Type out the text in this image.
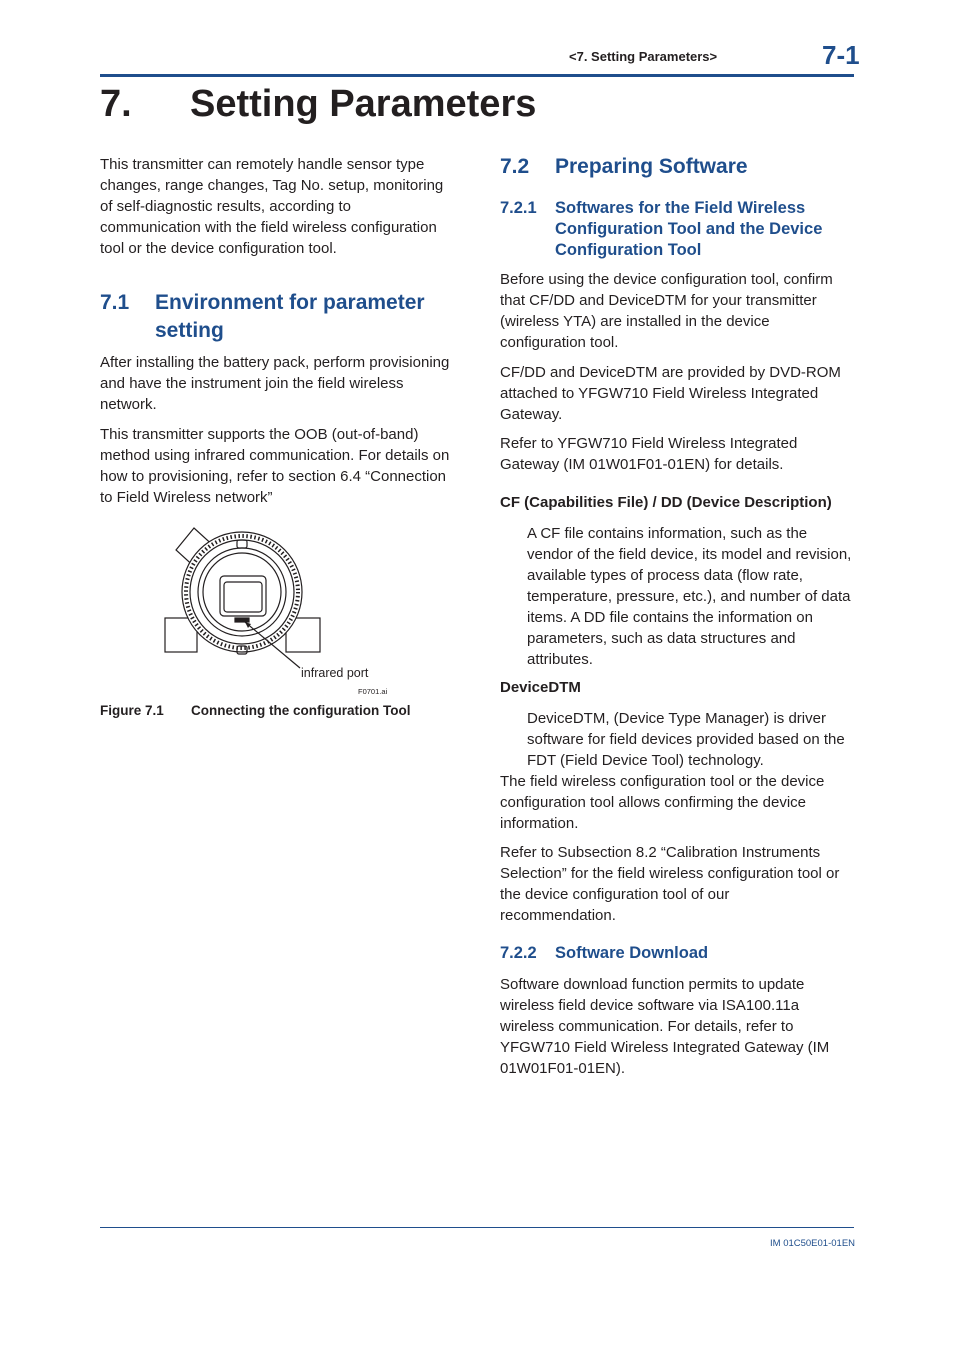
<7. Setting Parameters>	7-1
7. Setting Parameters

This transmitter can remotely handle sensor type changes, range changes, Tag No. setup, monitoring of self-diagnostic results, according to communication with the field wireless configuration tool or the device configuration tool.

7.1 Environment for parameter
setting

After installing the battery pack, perform provisioning and have the instrument join the field wireless network.

This transmitter supports the OOB (out-of-band) method using infrared communication. For details on how to provisioning, refer to section 6.4 “Connection to Field Wireless network”

infrared port
F0701.ai
Figure 7.1 Connecting the configuration Tool
7.2 Preparing Software
7.2.1 Softwares for the Field Wireless Configuration Tool and the Device Configuration Tool

Before using the device configuration tool, confirm that CF/DD and DeviceDTM for your transmitter (wireless YTA) are installed in the device configuration tool.

CF/DD and DeviceDTM are provided by DVD-ROM attached to YFGW710 Field Wireless Integrated Gateway.

Refer to YFGW710 Field Wireless Integrated Gateway (IM 01W01F01-01EN) for details.

CF (Capabilities File) / DD (Device Description)

A CF file contains information, such as the vendor of the field device, its model and revision, available types of process data (flow rate, temperature, pressure, etc.), and number of data items. A DD file contains the information on parameters, such as data structures and attributes.

DeviceDTM

DeviceDTM, (Device Type Manager) is driver software for field devices provided based on the FDT (Field Device Tool) technology.

The field wireless configuration tool or the device configuration tool allows confirming the device information.

Refer to Subsection 8.2 “Calibration Instruments Selection” for the field wireless configuration tool or the device configuration tool of our recommendation.

7.2.2 Software Download

Software download function permits to update wireless field device software via ISA100.11a wireless communication. For details, refer to YFGW710 Field Wireless Integrated Gateway (IM 01W01F01-01EN).

IM 01C50E01-01EN
